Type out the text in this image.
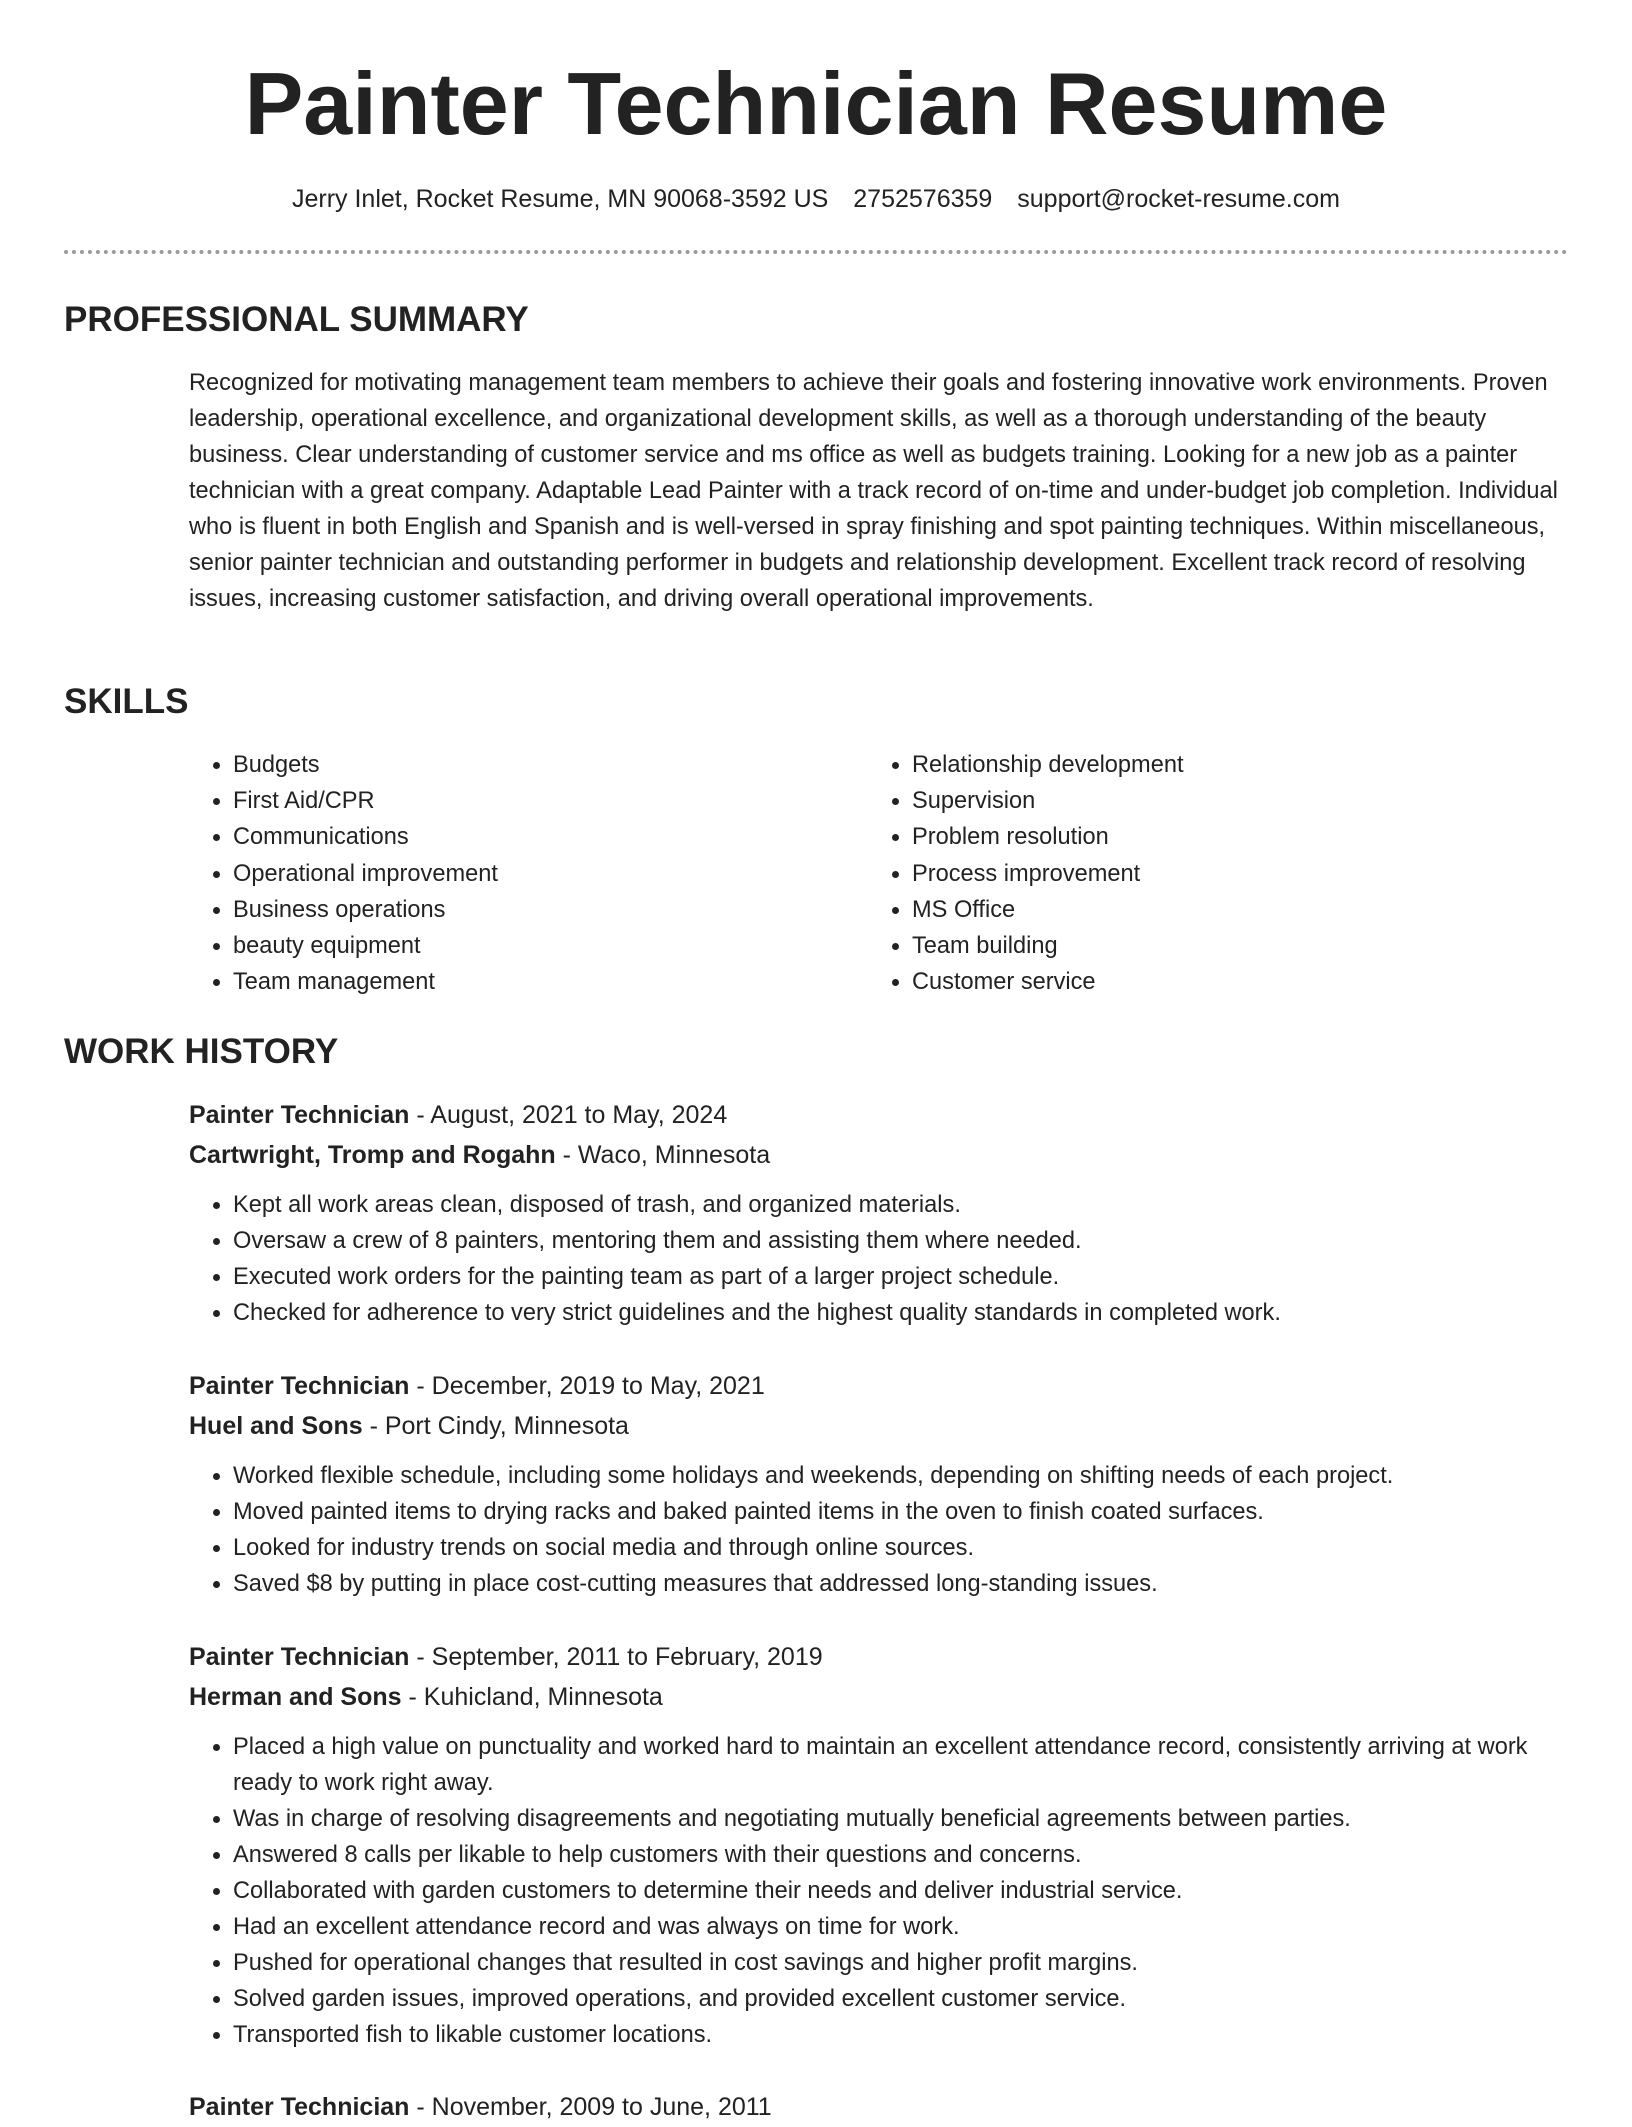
Painter Technician Resume
Jerry Inlet, Rocket Resume, MN 90068-3592 US 2752576359 support@rocket-resume.com
PROFESSIONAL SUMMARY

Recognized for motivating management team members to achieve their goals and fostering innovative work environments. Proven leadership, operational excellence, and organizational development skills, as well as a thorough understanding of the beauty business. Clear understanding of customer service and ms office as well as budgets training. Looking for a new job as a painter technician with a great company. Adaptable Lead Painter with a track record of on-time and under-budget job completion. Individual who is fluent in both English and Spanish and is well-versed in spray finishing and spot painting techniques. Within miscellaneous, senior painter technician and outstanding performer in budgets and relationship development. Excellent track record of resolving issues, increasing customer satisfaction, and driving overall operational improvements.

SKILLS
• Budgets
• First Aid/CPR
• Communications
• Operational improvement
• Business operations
• beauty equipment
• Team management
• Relationship development
• Supervision
• Problem resolution
• Process improvement
• MS Office
• Team building
• Customer service
WORK HISTORY
Painter Technician - August, 2021 to May, 2024
Cartwright, Tromp and Rogahn - Waco, Minnesota
• Kept all work areas clean, disposed of trash, and organized materials.
• Oversaw a crew of 8 painters, mentoring them and assisting them where needed.
• Executed work orders for the painting team as part of a larger project schedule.
• Checked for adherence to very strict guidelines and the highest quality standards in completed work.
Painter Technician - December, 2019 to May, 2021
Huel and Sons - Port Cindy, Minnesota
• Worked flexible schedule, including some holidays and weekends, depending on shifting needs of each project.
• Moved painted items to drying racks and baked painted items in the oven to finish coated surfaces.
• Looked for industry trends on social media and through online sources.
• Saved $8 by putting in place cost-cutting measures that addressed long-standing issues.
Painter Technician - September, 2011 to February, 2019
Herman and Sons - Kuhicland, Minnesota
• Placed a high value on punctuality and worked hard to maintain an excellent attendance record, consistently arriving at work ready to work right away.
• Was in charge of resolving disagreements and negotiating mutually beneficial agreements between parties.
• Answered 8 calls per likable to help customers with their questions and concerns.
• Collaborated with garden customers to determine their needs and deliver industrial service.
• Had an excellent attendance record and was always on time for work.
• Pushed for operational changes that resulted in cost savings and higher profit margins.
• Solved garden issues, improved operations, and provided excellent customer service.
• Transported fish to likable customer locations.
Painter Technician - November, 2009 to June, 2011
